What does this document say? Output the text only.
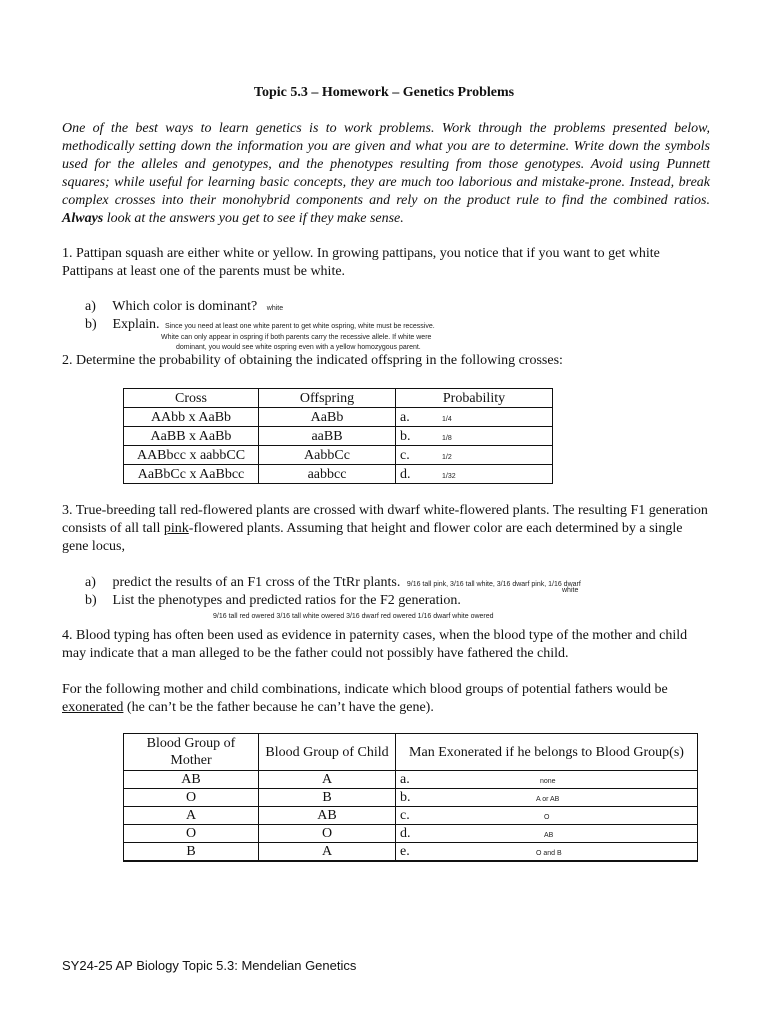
Topic 5.3 – Homework – Genetics Problems
One of the best ways to learn genetics is to work problems. Work through the problems presented below, methodically setting down the information you are given and what you are to determine. Write down the symbols used for the alleles and genotypes, and the phenotypes resulting from those genotypes. Avoid using Punnett squares; while useful for learning basic concepts, they are much too laborious and mistake-prone. Instead, break complex crosses into their monohybrid components and rely on the product rule to find the combined ratios. Always look at the answers you get to see if they make sense.
1. Pattipan squash are either white or yellow. In growing pattipans, you notice that if you want to get white Pattipans at least one of the parents must be white.
a) Which color is dominant? white
b) Explain. Since you need at least one white parent to get white ospring, white must be recessive.
White can only appear in ospring if both parents carry the recessive allele. If white were
dominant, you would see white ospring even with a yellow homozygous parent.
2. Determine the probability of obtaining the indicated offspring in the following crosses:
Cross	Offspring	Probability
AAbb x AaBb	AaBb	a. 1/4
AaBB x AaBb	aaBB	b. 1/8
AABbcc x aabbCC	AabbCc	c. 1/2
AaBbCc x AaBbcc	aabbcc	d. 1/32
3. True-breeding tall red-flowered plants are crossed with dwarf white-flowered plants. The resulting F1 generation consists of all tall pink-flowered plants. Assuming that height and flower color are each determined by a single gene locus,
a) predict the results of an F1 cross of the TtRr plants. 9/16 tall pink, 3/16 tall white, 3/16 dwarf pink, 1/16 dwarf
white
b) List the phenotypes and predicted ratios for the F2 generation.
9/16 tall red owered 3/16 tall white owered 3/16 dwarf red owered 1/16 dwarf white owered
4. Blood typing has often been used as evidence in paternity cases, when the blood type of the mother and child may indicate that a man alleged to be the father could not possibly have fathered the child.
For the following mother and child combinations, indicate which blood groups of potential fathers would be exonerated (he can’t be the father because he can’t have the gene).
Blood Group of Mother	Blood Group of Child	Man Exonerated if he belongs to Blood Group(s)
AB	A	a. none
O	B	b. A or AB
A	AB	c. O
O	O	d. AB
B	A	e. O and B
SY24-25 AP Biology Topic 5.3: Mendelian Genetics
